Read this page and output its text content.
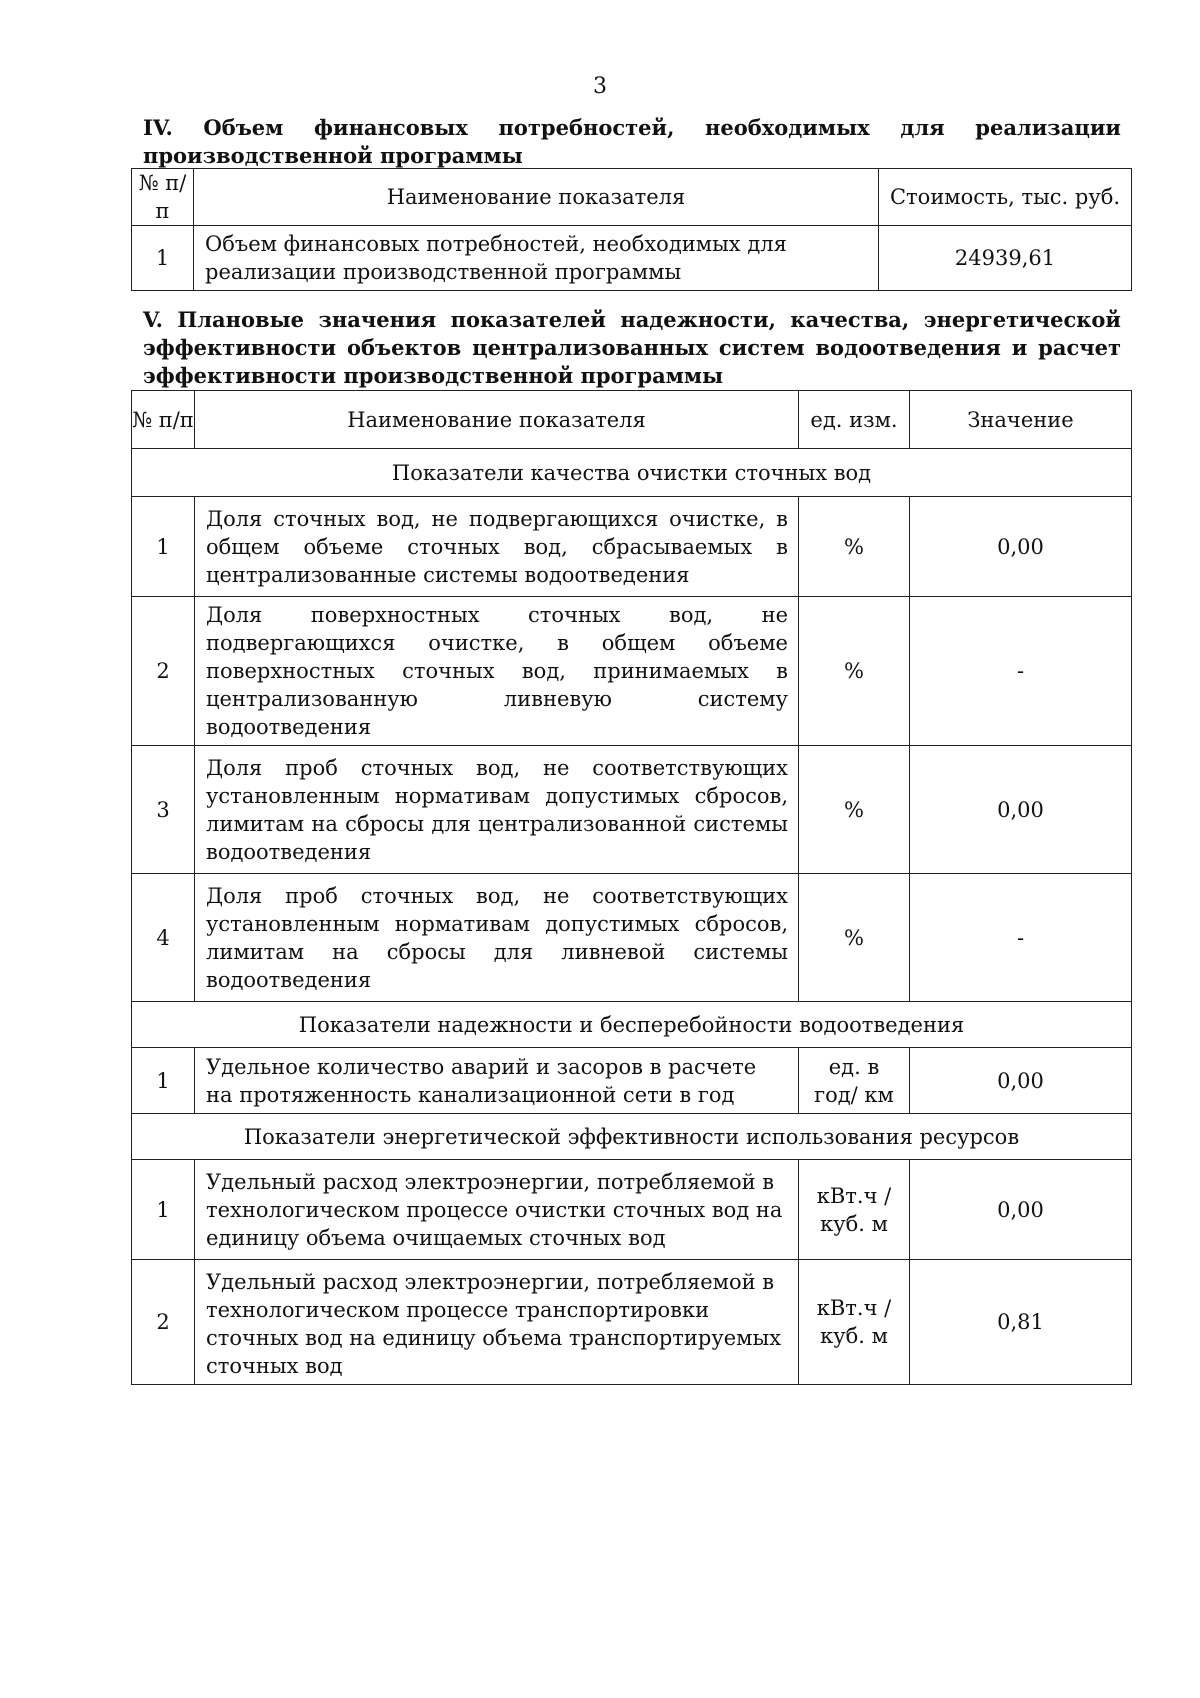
3
IV. Объем финансовых потребностей, необходимых для реализации производственной программы
№ п/п	Наименование показателя	Стоимость, тыс. руб.
1	Объем финансовых потребностей, необходимых для реализации производственной программы	24939,61
V. Плановые значения показателей надежности, качества, энергетической эффективности объектов централизованных систем водоотведения и расчет эффективности производственной программы
№ п/п	Наименование показателя	ед. изм.	Значение
Показатели качества очистки сточных вод			
1	Доля сточных вод, не подвергающихся очистке, в общем объеме сточных вод, сбрасываемых в централизованные системы водоотведения	%	0,00
2	Доля поверхностных сточных вод, не подвергающихся очистке, в общем объеме поверхностных сточных вод, принимаемых в централизованную ливневую систему водоотведения	%	-
3	Доля проб сточных вод, не соответствующих установленным нормативам допустимых сбросов, лимитам на сбросы для централизованной системы водоотведения	%	0,00
4	Доля проб сточных вод, не соответствующих установленным нормативам допустимых сбросов, лимитам на сбросы для ливневой системы водоотведения	%	-
Показатели надежности и бесперебойности водоотведения			
1	Удельное количество аварий и засоров в расчете на протяженность канализационной сети в год	ед. в год/ км	0,00
Показатели энергетической эффективности использования ресурсов			
1	Удельный расход электроэнергии, потребляемой в технологическом процессе очистки сточных вод на единицу объема очищаемых сточных вод	кВт.ч / куб. м	0,00
2	Удельный расход электроэнергии, потребляемой в технологическом процессе транспортировки сточных вод на единицу объема транспортируемых сточных вод	кВт.ч / куб. м	0,81
